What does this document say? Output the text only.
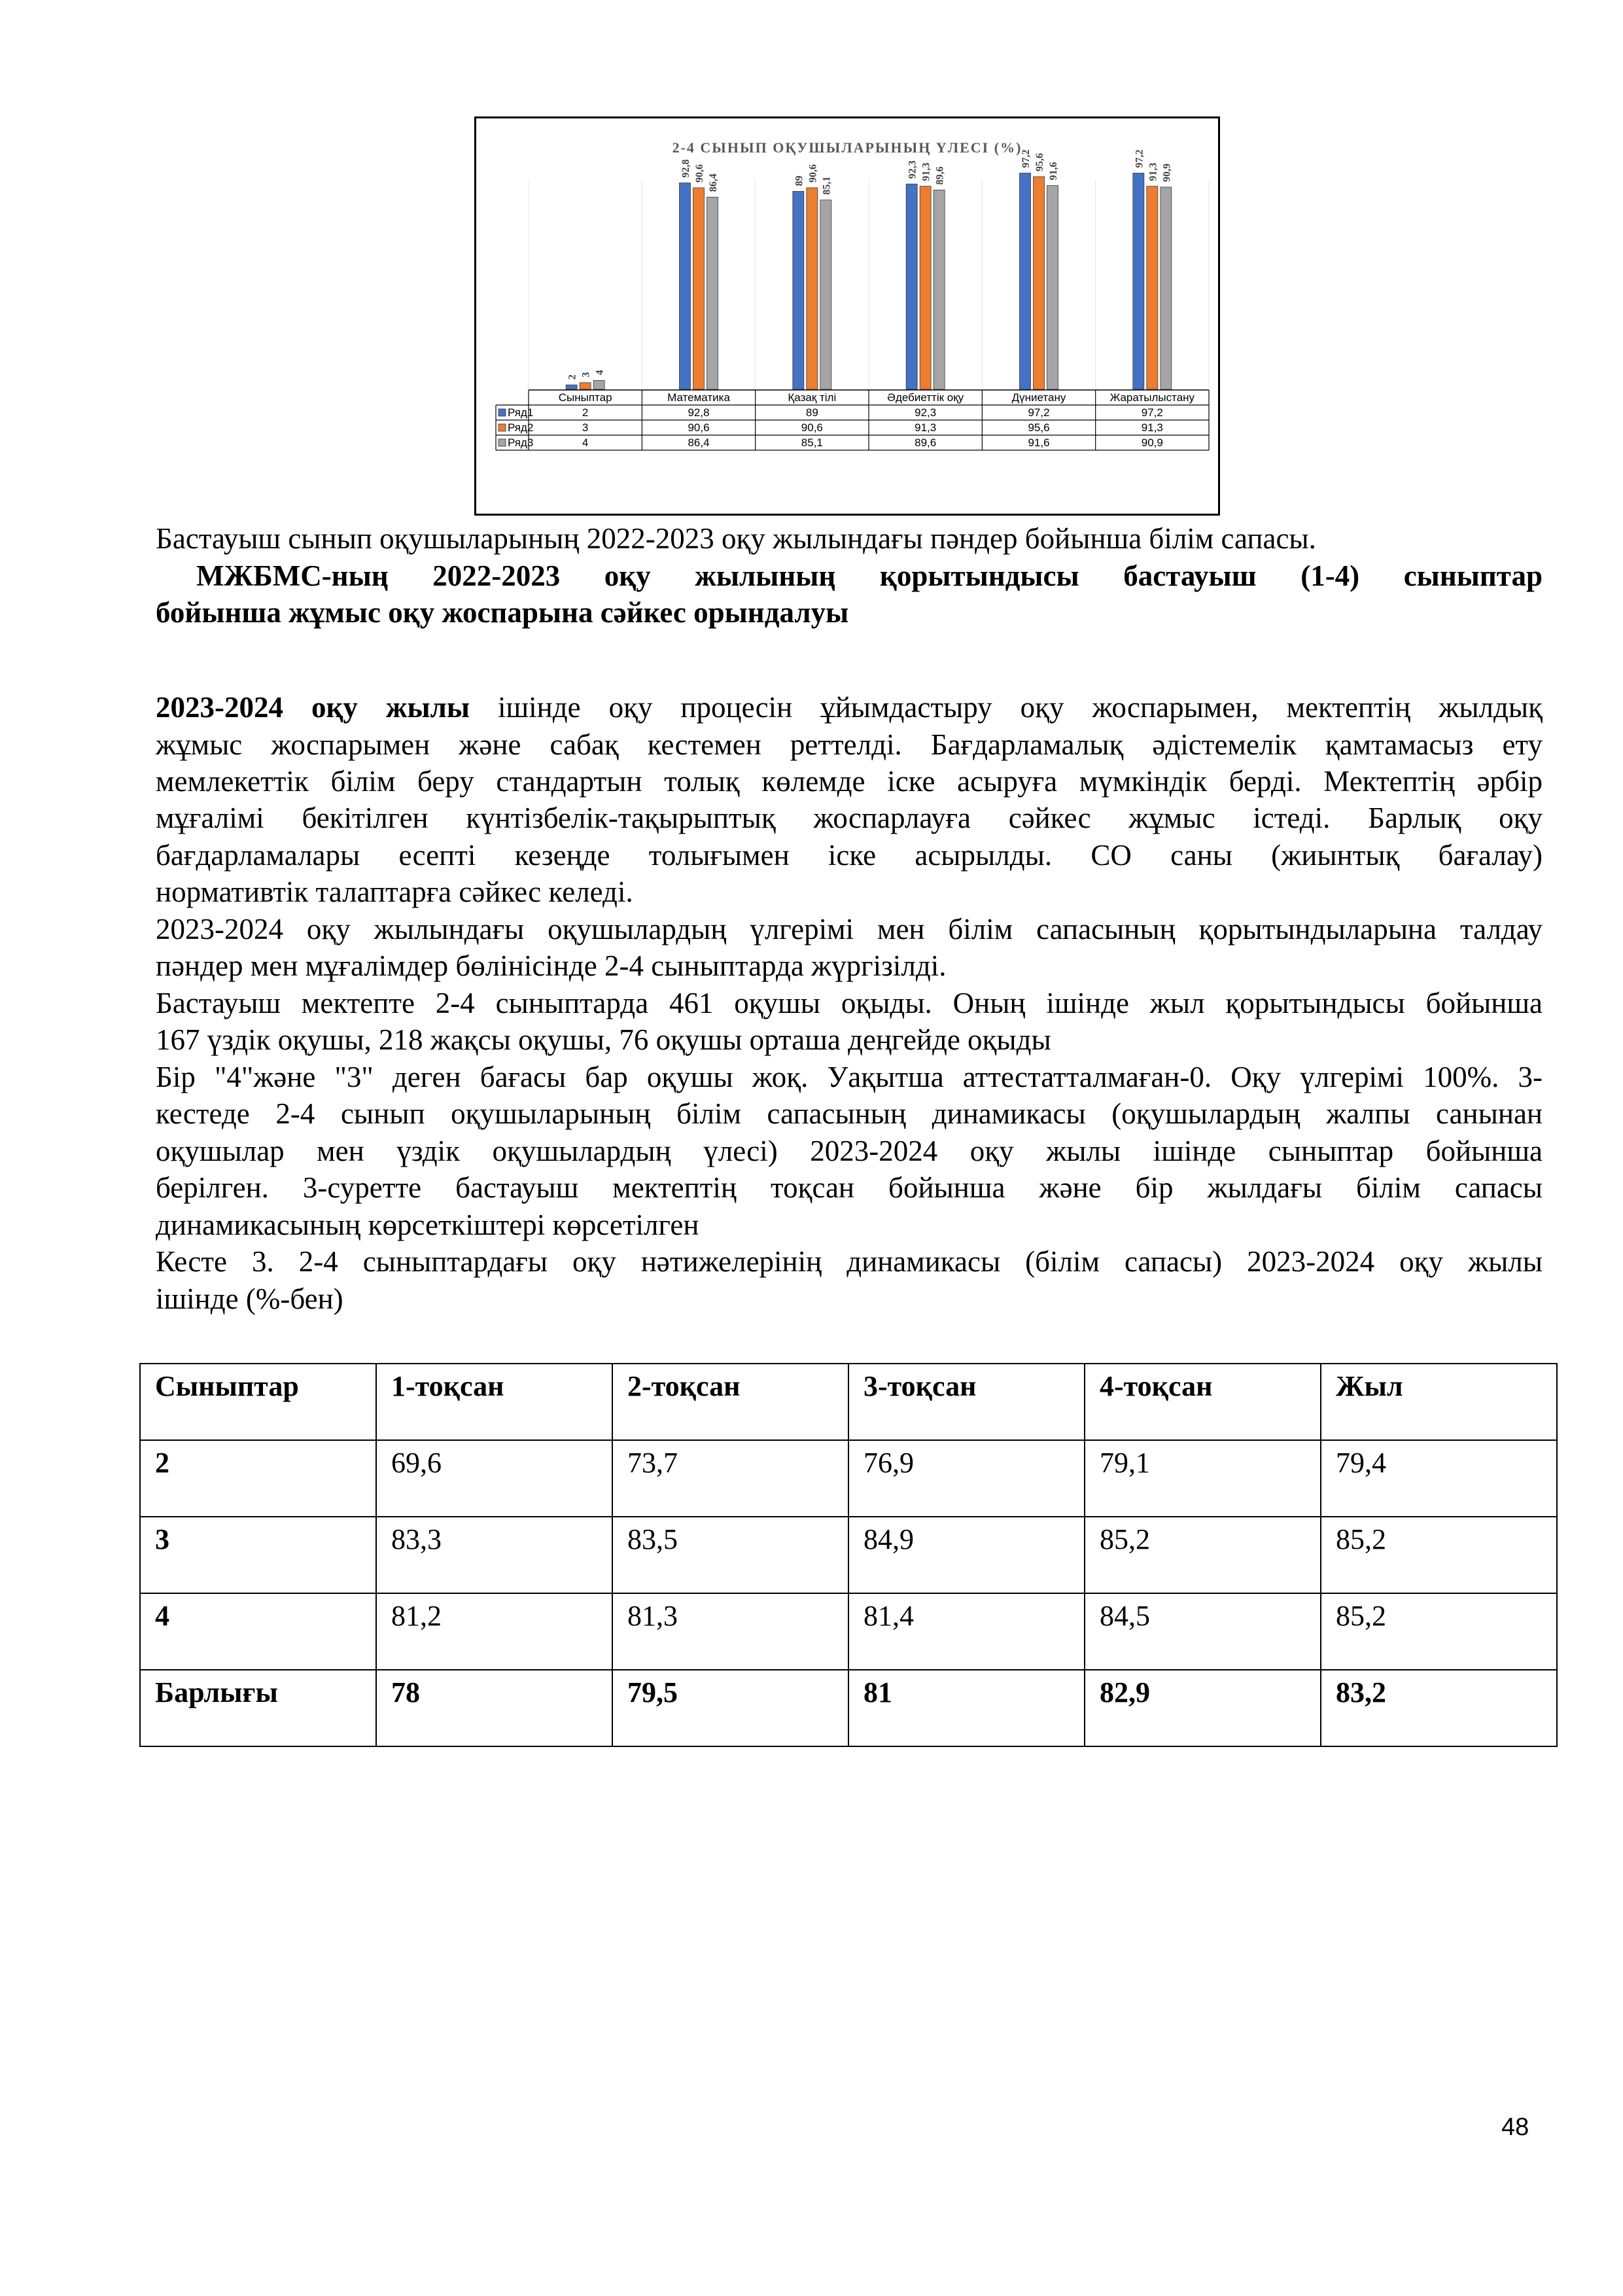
2-4 СЫНЫП ОҚУШЫЛАРЫНЫҢ ҮЛЕСІ (%)
2
92,8
89
92,3
97,2	97,2
3
90,6	90,6	91,3
95,6
91,3
4
86,4	85,1
89,6	91,6	90,9
Сыныптар	Математика	Қазақ тілі	Әдебиеттік оқу	Дүниетану	Жаратылыстану
Ряд1	2	92,8	89	92,3	97,2	97,2
Ряд2	3	90,6	90,6	91,3	95,6	91,3
Ряд3	4	86,4	85,1	89,6	91,6	90,9

Бастауыш сынып оқушыларының 2022-2023 оқу жылындағы пәндер бойынша білім сапасы.

МЖБМС-ның 2022-2023 оқу жылының қорытындысы бастауыш (1-4) сыныптар

бойынша жұмыс оқу жоспарына сәйкес орындалуы

2023-2024 оқу жылы ішінде оқу процесін ұйымдастыру оқу жоспарымен, мектептің жылдық

жұмыс жоспарымен және сабақ кестемен реттелді. Бағдарламалық әдістемелік қамтамасыз ету

мемлекеттік білім беру стандартын толық көлемде іске асыруға мүмкіндік берді. Мектептің әрбір

мұғалімі бекітілген күнтізбелік-тақырыптық жоспарлауға сәйкес жұмыс істеді. Барлық оқу

бағдарламалары есепті кезеңде толығымен іске асырылды. СО саны (жиынтық бағалау)

нормативтік талаптарға сәйкес келеді.

2023-2024 оқу жылындағы оқушылардың үлгерімі мен білім сапасының қорытындыларына талдау

пәндер мен мұғалімдер бөлінісінде 2-4 сыныптарда жүргізілді.

Бастауыш мектепте 2-4 сыныптарда 461 оқушы оқыды. Оның ішінде жыл қорытындысы бойынша

167 үздік оқушы, 218 жақсы оқушы, 76 оқушы орташа деңгейде оқыды

Бір "4"және "3" деген бағасы бар оқушы жоқ. Уақытша аттестатталмаған-0. Оқу үлгерімі 100%. 3-

кестеде 2-4 сынып оқушыларының білім сапасының динамикасы (оқушылардың жалпы санынан

оқушылар мен үздік оқушылардың үлесі) 2023-2024 оқу жылы ішінде сыныптар бойынша

берілген. 3-суретте бастауыш мектептің тоқсан бойынша және бір жылдағы білім сапасы

динамикасының көрсеткіштері көрсетілген

Кесте 3. 2-4 сыныптардағы оқу нәтижелерінің динамикасы (білім сапасы) 2023-2024 оқу жылы

ішінде (%-бен)

Сыныптар	1-тоқсан	2-тоқсан	3-тоқсан	4-тоқсан	Жыл
2	69,6	73,7	76,9	79,1	79,4
3	83,3	83,5	84,9	85,2	85,2
4	81,2	81,3	81,4	84,5	85,2
Барлығы	78	79,5	81	82,9	83,2
48
